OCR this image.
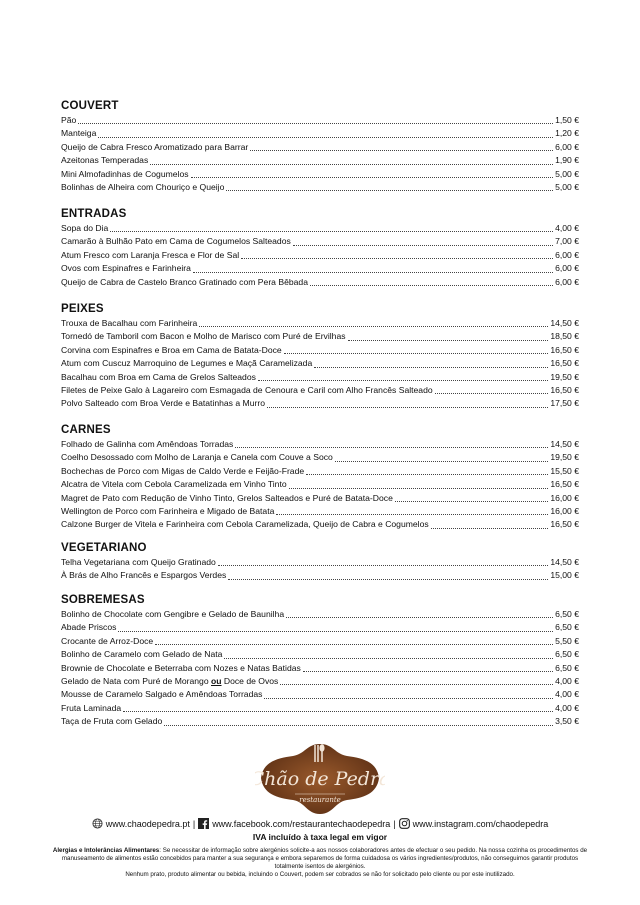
COUVERT
Pão	1,50 €
Manteiga	1,20 €
Queijo de Cabra Fresco Aromatizado para Barrar	6,00 €
Azeitonas Temperadas	1,90 €
Mini Almofadinhas de Cogumelos	5,00 €
Bolinhas de Alheira com Chouriço e Queijo	5,00 €
ENTRADAS
Sopa do Dia	4,00 €
Camarão à Bulhão Pato em Cama de Cogumelos Salteados	7,00 €
Atum Fresco com Laranja Fresca e Flor de Sal	6,00 €
Ovos com Espinafres e Farinheira	6,00 €
Queijo de Cabra de Castelo Branco Gratinado com Pera Bêbada	6,00 €
PEIXES
Trouxa de Bacalhau com Farinheira	14,50 €
Tornedó de Tamboril com Bacon e Molho de Marisco com Puré de Ervilhas	18,50 €
Corvina com Espinafres e Broa em Cama de Batata-Doce	16,50 €
Atum com Cuscuz Marroquino de Legumes e Maçã Caramelizada	16,50 €
Bacalhau com Broa em Cama de Grelos Salteados	19,50 €
Filetes de Peixe Galo à Lagareiro com Esmagada de Cenoura e Caril com Alho Francês Salteado	16,50 €
Polvo Salteado com Broa Verde e Batatinhas a Murro	17,50 €
CARNES
Folhado de Galinha com Amêndoas Torradas	14,50 €
Coelho Desossado com Molho de Laranja e Canela com Couve a Soco	19,50 €
Bochechas de Porco com Migas de Caldo Verde e Feijão-Frade	15,50 €
Alcatra de Vitela com Cebola Caramelizada em Vinho Tinto	16,50 €
Magret de Pato com Redução de Vinho Tinto, Grelos Salteados e Puré de Batata-Doce	16,00 €
Wellington de Porco com Farinheira e Migado de Batata	16,00 €
Calzone Burger de Vitela e Farinheira com Cebola Caramelizada, Queijo de Cabra e Cogumelos	16,50 €
VEGETARIANO
Telha Vegetariana com Queijo Gratinado	14,50 €
À Brás de Alho Francês e Espargos Verdes	15,00 €
SOBREMESAS
Bolinho de Chocolate com Gengibre e Gelado de Baunilha	6,50 €
Abade Priscos	6,50 €
Crocante de Arroz-Doce	5,50 €
Bolinho de Caramelo com Gelado de Nata	6,50 €
Brownie de Chocolate e Beterraba com Nozes e Natas Batidas	6,50 €
Gelado de Nata com Puré de Morango ou Doce de Ovos	4,00 €
Mousse de Caramelo Salgado e Amêndoas Torradas	4,00 €
Fruta Laminada	4,00 €
Taça de Fruta com Gelado	3,50 €
Chão de Pedra
restaurante
www.chaodepedra.pt | www.facebook.com/restaurantechaodepedra | www.instagram.com/chaodepedra
IVA incluído à taxa legal em vigor
Alergias e Intolerâncias Alimentares: Se necessitar de informação sobre alergénios solicite-a aos nossos colaboradores antes de efectuar o seu pedido. Na nossa cozinha os procedimentos de manuseamento de alimentos estão concebidos para manter a sua segurança e embora separemos de forma cuidadosa os vários ingredientes/produtos, não conseguimos garantir produtos totalmente isentos de alergénios.
Nenhum prato, produto alimentar ou bebida, incluindo o Couvert, podem ser cobrados se não for solicitado pelo cliente ou por este inutilizado.
